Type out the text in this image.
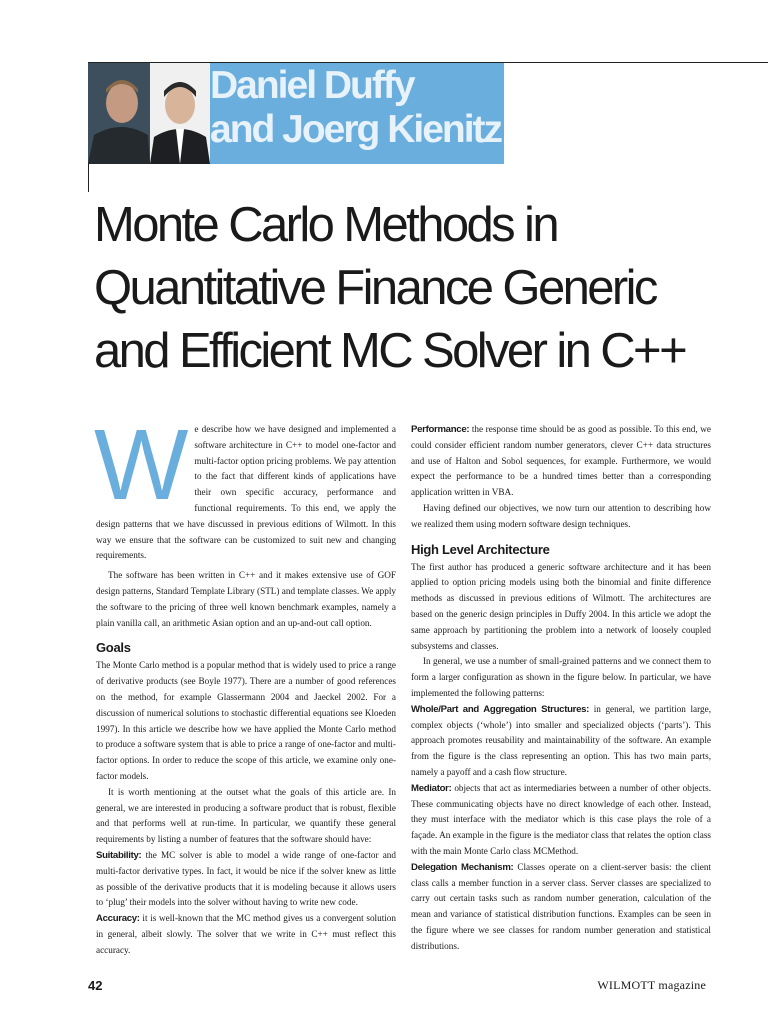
Daniel Duffy
and Joerg Kienitz
Monte Carlo Methods in
Quantitative Finance Generic
and Efficient MC Solver in C++

We describe how we have designed and implemented a software architecture in C++ to model one-factor and multi-factor option pricing problems. We pay attention to the fact that different kinds of applications have their own specific accuracy, performance and functional requirements. To this end, we apply the design patterns that we have discussed in previous editions of Wilmott. In this way we ensure that the software can be customized to suit new and changing requirements.

The software has been written in C++ and it makes extensive use of GOF design patterns, Standard Template Library (STL) and template classes. We apply the software to the pricing of three well known benchmark examples, namely a plain vanilla call, an arithmetic Asian option and an up-and-out call option.

Goals

The Monte Carlo method is a popular method that is widely used to price a range of derivative products (see Boyle 1977). There are a number of good references on the method, for example Glassermann 2004 and Jaeckel 2002. For a discussion of numerical solutions to stochastic differential equations see Kloeden 1997). In this article we describe how we have applied the Monte Carlo method to produce a software system that is able to price a range of one-factor and multi-factor options. In order to reduce the scope of this article, we examine only one-factor models.

It is worth mentioning at the outset what the goals of this article are. In general, we are interested in producing a software product that is robust, flexible and that performs well at run-time. In particular, we quantify these general requirements by listing a number of features that the software should have:

Suitability: the MC solver is able to model a wide range of one-factor and multi-factor derivative types. In fact, it would be nice if the solver knew as little as possible of the derivative products that it is modeling because it allows users to ‘plug’ their models into the solver without having to write new code.

Accuracy: it is well-known that the MC method gives us a convergent solution in general, albeit slowly. The solver that we write in C++ must reflect this accuracy.

Performance: the response time should be as good as possible. To this end, we could consider efficient random number generators, clever C++ data structures and use of Halton and Sobol sequences, for example. Furthermore, we would expect the performance to be a hundred times better than a corresponding application written in VBA.

Having defined our objectives, we now turn our attention to describing how we realized them using modern software design techniques.

High Level Architecture

The first author has produced a generic software architecture and it has been applied to option pricing models using both the binomial and finite difference methods as discussed in previous editions of Wilmott. The architectures are based on the generic design principles in Duffy 2004. In this article we adopt the same approach by partitioning the problem into a network of loosely coupled subsystems and classes.

In general, we use a number of small-grained patterns and we connect them to form a larger configuration as shown in the figure below. In particular, we have implemented the following patterns:

Whole/Part and Aggregation Structures: in general, we partition large, complex objects (‘whole’) into smaller and specialized objects (‘parts’). This approach promotes reusability and maintainability of the software. An example from the figure is the class representing an option. This has two main parts, namely a payoff and a cash flow structure.

Mediator: objects that act as intermediaries between a number of other objects. These communicating objects have no direct knowledge of each other. Instead, they must interface with the mediator which is this case plays the role of a façade. An example in the figure is the mediator class that relates the option class with the main Monte Carlo class MCMethod.

Delegation Mechanism: Classes operate on a client-server basis: the client class calls a member function in a server class. Server classes are specialized to carry out certain tasks such as random number generation, calculation of the mean and variance of statistical distribution functions. Examples can be seen in the figure where we see classes for random number generation and statistical distributions.

42	WILMOTT magazine
